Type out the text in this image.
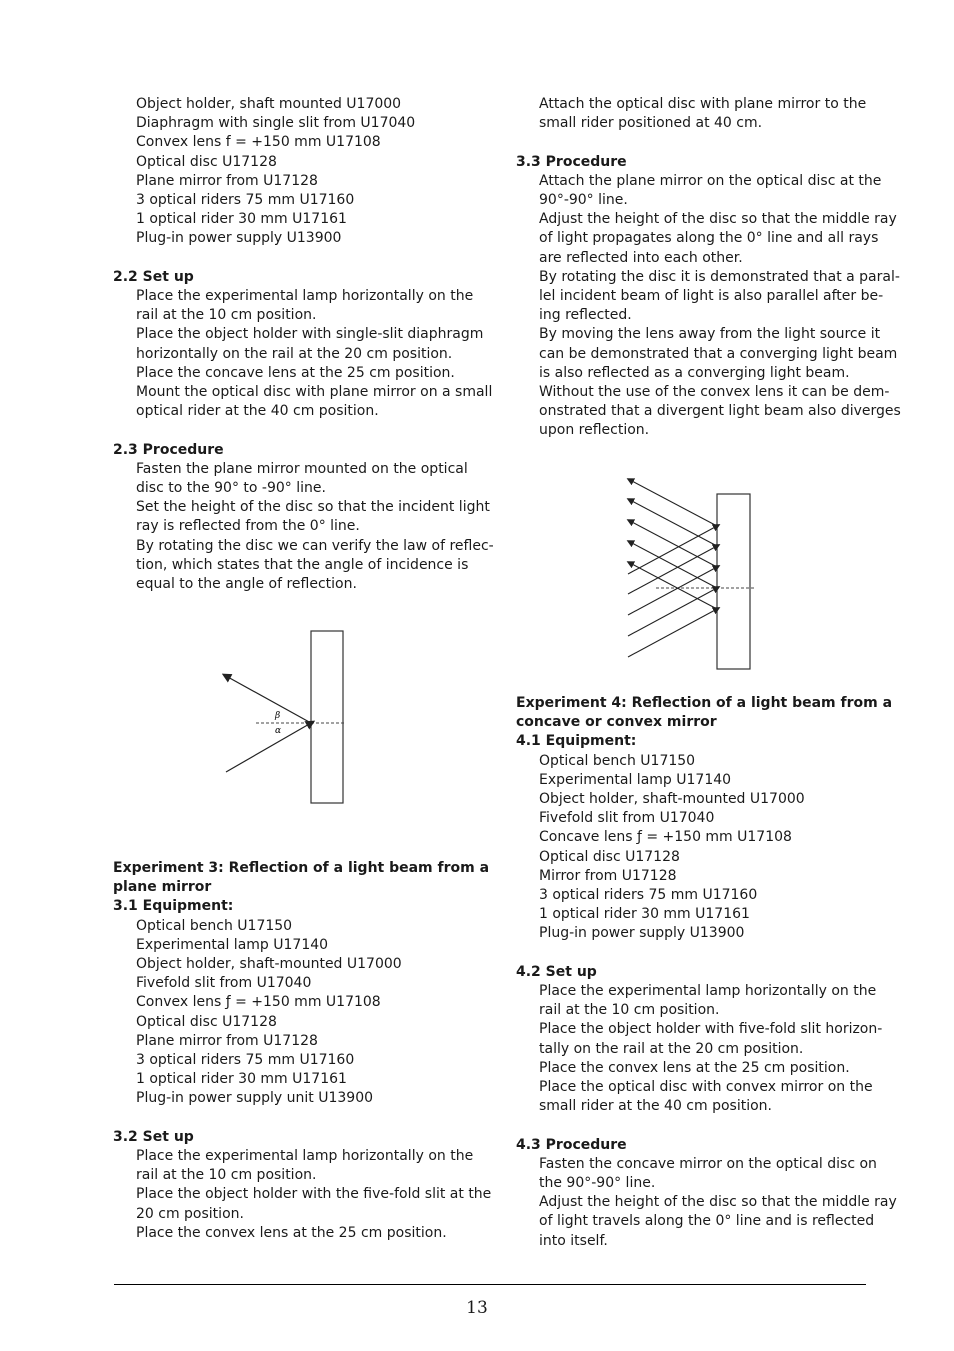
Object holder, shaft mounted U17000
Diaphragm with single slit from U17040
Convex lens f = +150 mm U17108
Optical disc U17128
Plane mirror from U17128
3 optical riders 75 mm U17160
1 optical rider 30 mm U17161
Plug-in power supply U13900
2.2 Set up
Place the experimental lamp horizontally on the
rail at the 10 cm position.
Place the object holder with single-slit diaphragm
horizontally on the rail at the 20 cm position.
Place the concave lens at the 25 cm position.
Mount the optical disc with plane mirror on a small
optical rider at the 40 cm position.
2.3 Procedure
Fasten the plane mirror mounted on the optical
disc to the 90° to -90° line.
Set the height of the disc so that the incident light
ray is reflected from the 0° line.
By rotating the disc we can verify the law of reflec-
tion, which states that the angle of incidence is
equal to the angle of reflection.
β
α
Experiment 3: Reflection of a light beam from a
plane mirror
3.1 Equipment:
Optical bench U17150
Experimental lamp U17140
Object holder, shaft-mounted U17000
Fivefold slit from U17040
Convex lens ƒ = +150 mm U17108
Optical disc U17128
Plane mirror from U17128
3 optical riders 75 mm U17160
1 optical rider 30 mm U17161
Plug-in power supply unit U13900
3.2 Set up
Place the experimental lamp horizontally on the
rail at the 10 cm position.
Place the object holder with the five-fold slit at the
20 cm position.
Place the convex lens at the 25 cm position.
Attach the optical disc with plane mirror to the
small rider positioned at 40 cm.
3.3 Procedure
Attach the plane mirror on the optical disc at the
90°-90° line.
Adjust the height of the disc so that the middle ray
of light propagates along the 0° line and all rays
are reflected into each other.
By rotating the disc it is demonstrated that a paral-
lel incident beam of light is also parallel after be-
ing reflected.
By moving the lens away from the light source it
can be demonstrated that a converging light beam
is also reflected as a converging light beam.
Without the use of the convex lens it can be dem-
onstrated that a divergent light beam also diverges
upon reflection.
Experiment 4: Reflection of a light beam from a
concave or convex mirror
4.1 Equipment:
Optical bench U17150
Experimental lamp U17140
Object holder, shaft-mounted U17000
Fivefold slit from U17040
Concave lens ƒ = +150 mm U17108
Optical disc U17128
Mirror from U17128
3 optical riders 75 mm U17160
1 optical rider 30 mm U17161
Plug-in power supply U13900
4.2 Set up
Place the experimental lamp horizontally on the
rail at the 10 cm position.
Place the object holder with five-fold slit horizon-
tally on the rail at the 20 cm position.
Place the convex lens at the 25 cm position.
Place the optical disc with convex mirror on the
small rider at the 40 cm position.
4.3 Procedure
Fasten the concave mirror on the optical disc on
the 90°-90° line.
Adjust the height of the disc so that the middle ray
of light travels along the 0° line and is reflected
into itself.
13
